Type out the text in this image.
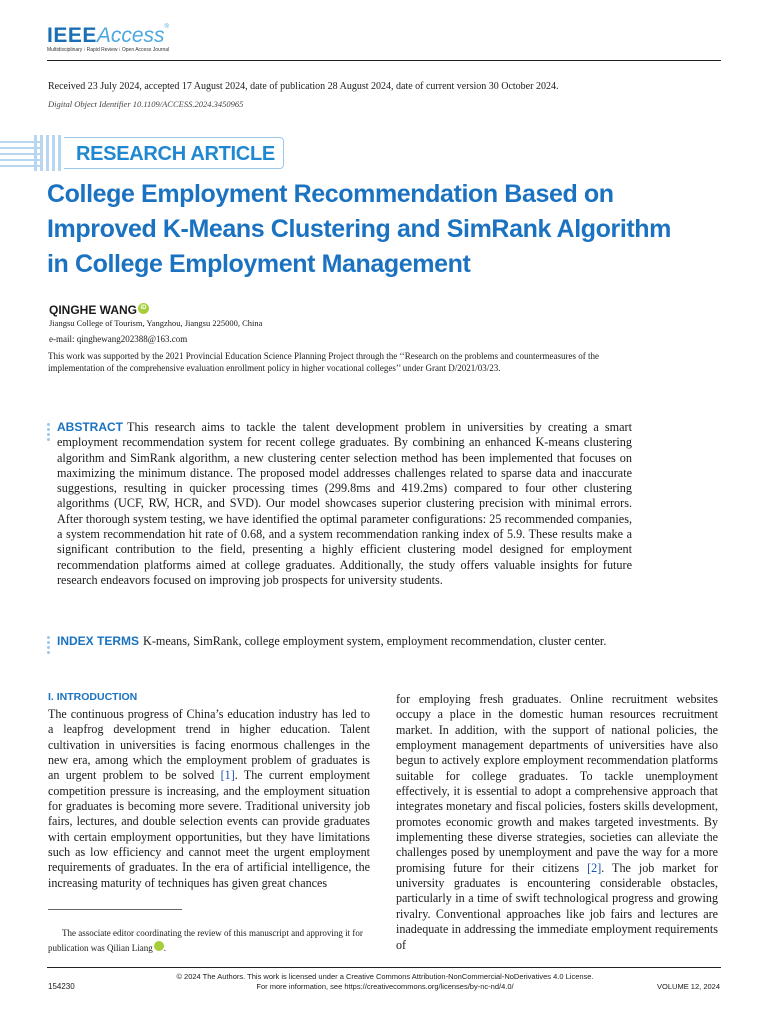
IEEEAccess®
Multidisciplinary ⁝ Rapid Review ⁝ Open Access Journal
Received 23 July 2024, accepted 17 August 2024, date of publication 28 August 2024, date of current version 30 October 2024.
Digital Object Identifier 10.1109/ACCESS.2024.3450965
RESEARCH ARTICLE
College Employment Recommendation Based on Improved K-Means Clustering and SimRank Algorithm in College Employment Management
QINGHE WANG iD
Jiangsu College of Tourism, Yangzhou, Jiangsu 225000, China
e-mail: qinghewang202388@163.com
This work was supported by the 2021 Provincial Education Science Planning Project through the ‘‘Research on the problems and countermeasures of the implementation of the comprehensive evaluation enrollment policy in higher vocational colleges’’ under Grant D/2021/03/23.
ABSTRACT This research aims to tackle the talent development problem in universities by creating a smart employment recommendation system for recent college graduates. By combining an enhanced K-means clustering algorithm and SimRank algorithm, a new clustering center selection method has been implemented that focuses on maximizing the minimum distance. The proposed model addresses challenges related to sparse data and inaccurate suggestions, resulting in quicker processing times (299.8ms and 419.2ms) compared to four other clustering algorithms (UCF, RW, HCR, and SVD). Our model showcases superior clustering precision with minimal errors. After thorough system testing, we have identified the optimal parameter configurations: 25 recommended companies, a system recommendation hit rate of 0.68, and a system recommendation ranking index of 5.9. These results make a significant contribution to the field, presenting a highly efficient clustering model designed for employment recommendation platforms aimed at college graduates. Additionally, the study offers valuable insights for future research endeavors focused on improving job prospects for university students.
INDEX TERMS K-means, SimRank, college employment system, employment recommendation, cluster center.
I. INTRODUCTION
The continuous progress of China’s education industry has led to a leapfrog development trend in higher education. Talent cultivation in universities is facing enormous challenges in the new era, among which the employment problem of graduates is an urgent problem to be solved [1]. The current employment competition pressure is increasing, and the employment situation for graduates is becoming more severe. Traditional university job fairs, lectures, and double selection events can provide graduates with certain employment opportunities, but they have limitations such as low efficiency and cannot meet the urgent employment requirements of graduates. In the era of artificial intelligence, the increasing maturity of techniques has given great chances
for employing fresh graduates. Online recruitment websites occupy a place in the domestic human resources recruitment market. In addition, with the support of national policies, the employment management departments of universities have also begun to actively explore employment recommendation platforms suitable for college graduates. To tackle unemployment effectively, it is essential to adopt a comprehensive approach that integrates monetary and fiscal policies, fosters skills development, promotes economic growth and makes targeted investments. By implementing these diverse strategies, societies can alleviate the challenges posed by unemployment and pave the way for a more promising future for their citizens [2]. The job market for university graduates is encountering considerable obstacles, particularly in a time of swift technological progress and growing rivalry. Conventional approaches like job fairs and lectures are inadequate in addressing the immediate employment requirements of
The associate editor coordinating the review of this manuscript and approving it for publication was Qilian Liang	iD.
© 2024 The Authors. This work is licensed under a Creative Commons Attribution-NonCommercial-NoDerivatives 4.0 License.
For more information, see https://creativecommons.org/licenses/by-nc-nd/4.0/
154230	VOLUME 12, 2024
